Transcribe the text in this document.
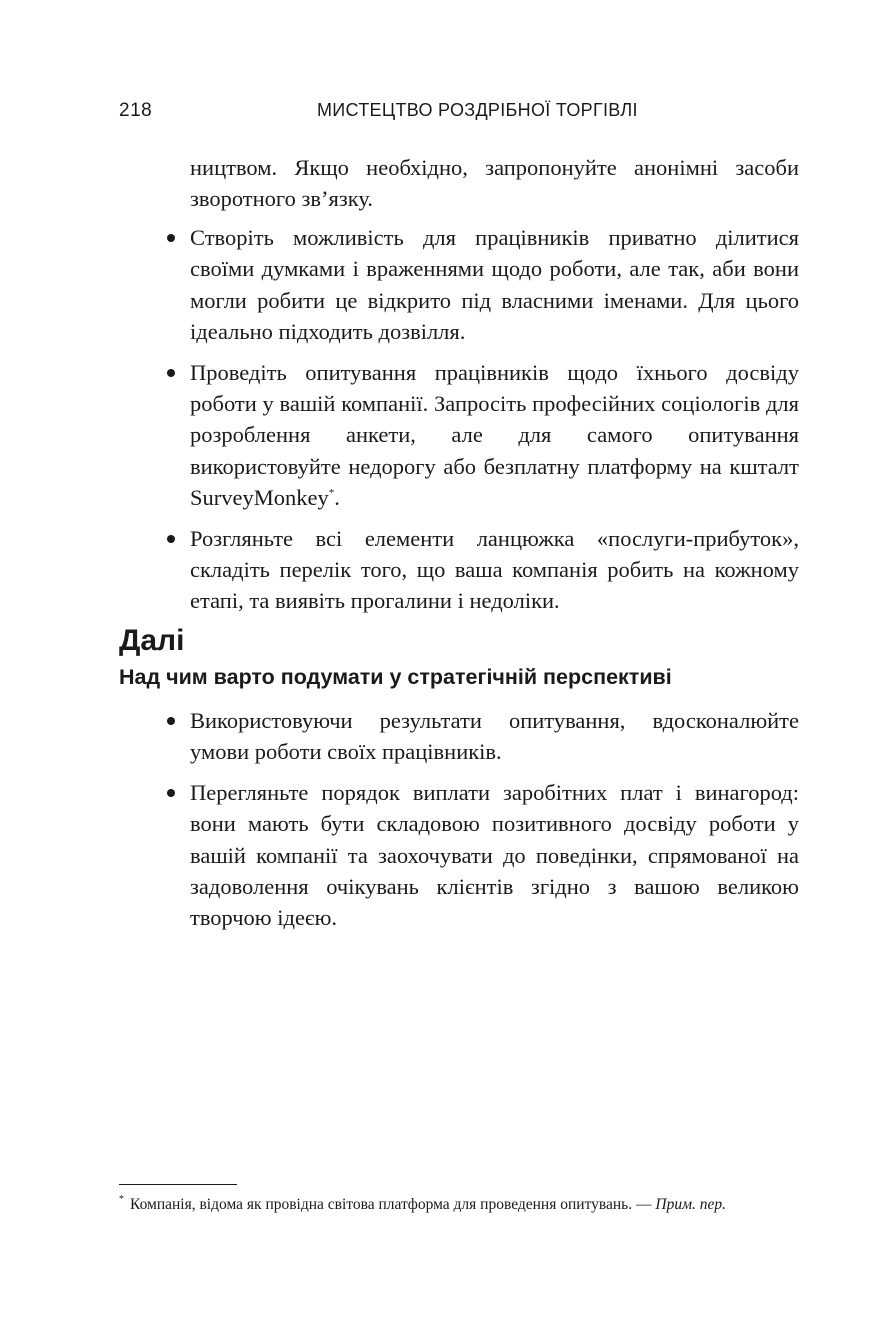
218	МИСТЕЦТВО РОЗДРІБНОЇ ТОРГІВЛІ

ництвом. Якщо необхідно, запропонуйте анонімні засоби зворотного зв’язку.

Створіть можливість для працівників приватно ділитися своїми думками і враженнями щодо роботи, але так, аби вони могли робити це відкрито під власними іменами. Для цього ідеально підходить дозвілля.
Проведіть опитування працівників щодо їхнього досвіду роботи у вашій компанії. Запросіть професійних соціологів для розроблення анкети, але для самого опитування використовуйте недорогу або безплатну платформу на кшталт SurveyMonkey*.
Розгляньте всі елементи ланцюжка «послуги-прибуток», складіть перелік того, що ваша компанія робить на кожному етапі, та виявіть прогалини і недоліки.
Далі
Над чим варто подумати у стратегічній перспективі
Використовуючи результати опитування, вдосконалюйте умови роботи своїх працівників.
Перегляньте порядок виплати заробітних плат і винагород: вони мають бути складовою позитивного досвіду роботи у вашій компанії та заохочувати до поведінки, спрямованої на задоволення очікувань клієнтів згідно з вашою великою творчою ідеєю.
* Компанія, відома як провідна світова платформа для проведення опитувань. — Прим. пер.
